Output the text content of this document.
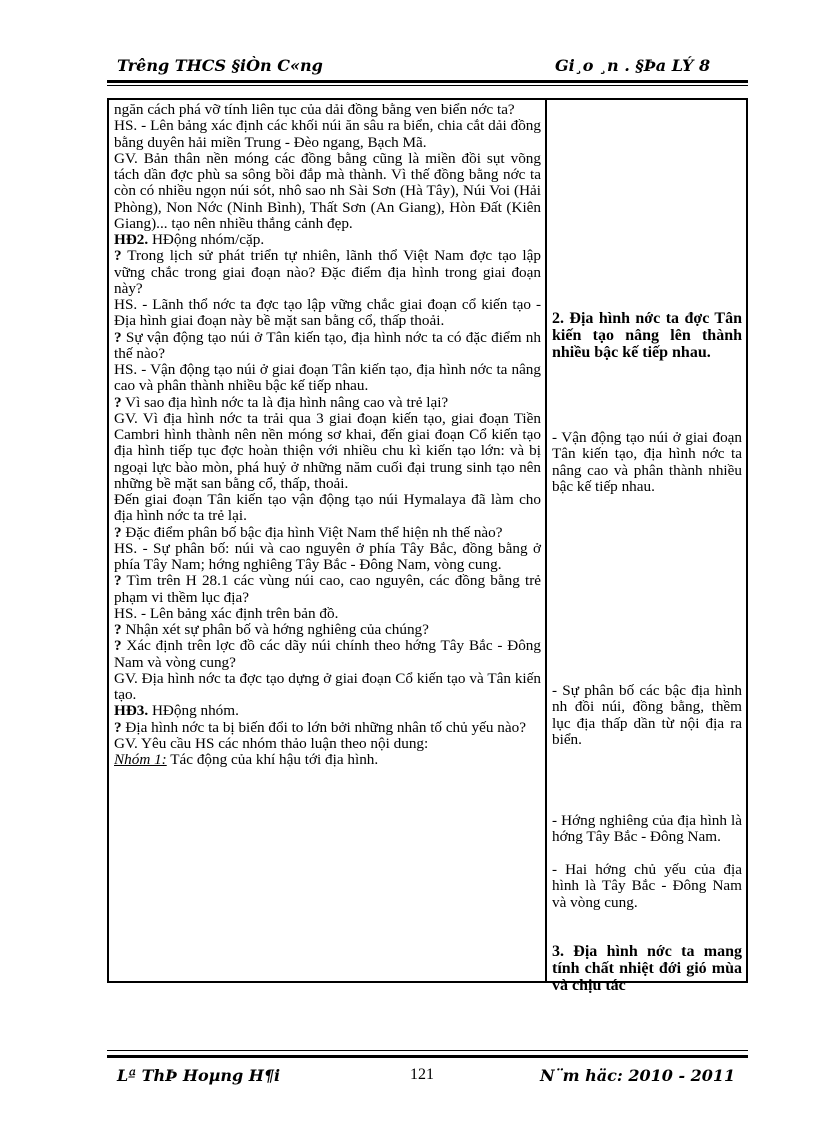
Trêng THCS §iÒn C«ng	Gi¸o ¸n . §Þa LÝ 8

ngăn cách phá vỡ tính liên tục của dải đồng bằng ven biển nớc ta?

HS. - Lên bảng xác định các khối núi ăn sâu ra biển, chia cắt dải đồng bằng duyên hải miền Trung - Đèo ngang, Bạch Mã.

GV. Bản thân nền móng các đồng bằng cũng là miền đồi sụt võng tách dần đợc phù sa sông bồi đắp mà thành. Vì thế đồng bằng nớc ta còn có nhiều ngọn núi sót, nhô sao nh Sài Sơn (Hà Tây), Núi Voi (Hải Phòng), Non Nớc (Ninh Bình), Thất Sơn (An Giang), Hòn Đất (Kiên Giang)... tạo nên nhiều thắng cảnh đẹp.

HĐ2. HĐộng nhóm/cặp.

? Trong lịch sử phát triển tự nhiên, lãnh thổ Việt Nam đợc tạo lập vững chắc trong giai đoạn nào? Đặc điểm địa hình trong giai đoạn này?

HS. - Lãnh thổ nớc ta đợc tạo lập vững chắc giai đoạn cổ kiến tạo - Địa hình giai đoạn này bề mặt san bằng cổ, thấp thoải.

? Sự vận động tạo núi ở Tân kiến tạo, địa hình nớc ta có đặc điểm nh thế nào?

HS. - Vận động tạo núi ở giai đoạn Tân kiến tạo, địa hình nớc ta nâng cao và phân thành nhiều bậc kế tiếp nhau.

? Vì sao địa hình nớc ta là địa hình nâng cao và trẻ lại?

GV. Vì địa hình nớc ta trải qua 3 giai đoạn kiến tạo, giai đoạn Tiền Cambri hình thành nên nền móng sơ khai, đến giai đoạn Cổ kiến tạo địa hình tiếp tục đợc hoàn thiện với nhiều chu kì kiến tạo lớn: và bị ngoại lực bào mòn, phá huỷ ở những năm cuối đại trung sinh tạo nên những bề mặt san bằng cổ, thấp, thoải.

Đến giai đoạn Tân kiến tạo vận động tạo núi Hymalaya đã làm cho địa hình nớc ta trẻ lại.

? Đặc điểm phân bố bậc địa hình Việt Nam thể hiện nh thế nào?

HS. - Sự phân bố: núi và cao nguyên ở phía Tây Bắc, đồng bằng ở phía Tây Nam; hớng nghiêng Tây Bắc - Đông Nam, vòng cung.

? Tìm trên H 28.1 các vùng núi cao, cao nguyên, các đồng bằng trẻ phạm vi thềm lục địa?

HS. - Lên bảng xác định trên bản đồ.

? Nhận xét sự phân bố và hớng nghiêng của chúng?

? Xác định trên lợc đồ các dãy núi chính theo hớng Tây Bắc - Đông Nam và vòng cung?

GV. Địa hình nớc ta đợc tạo dựng ở giai đoạn Cổ kiến tạo và Tân kiến tạo.

HĐ3. HĐộng nhóm.

? Địa hình nớc ta bị biến đổi to lớn bởi những nhân tố chủ yếu nào?

GV. Yêu cầu HS các nhóm thảo luận theo nội dung:

Nhóm 1: Tác động của khí hậu tới địa hình.

2. Địa hình nớc ta đợc Tân kiến tạo nâng lên thành nhiều bậc kế tiếp nhau.
- Vận động tạo núi ở giai đoạn Tân kiến tạo, địa hình nớc ta nâng cao và phân thành nhiều bậc kế tiếp nhau.
- Sự phân bố các bậc địa hình nh đồi núi, đồng bằng, thềm lục địa thấp dần từ nội địa ra biển.
- Hớng nghiêng của địa hình là hớng Tây Bắc - Đông Nam.
- Hai hớng chủ yếu của địa hình là Tây Bắc - Đông Nam và vòng cung.
3. Địa hình nớc ta mang tính chất nhiệt đới gió mùa và chịu tác
Lª ThÞ Hoµng H¶i	121	N¨m häc: 2010 - 2011
